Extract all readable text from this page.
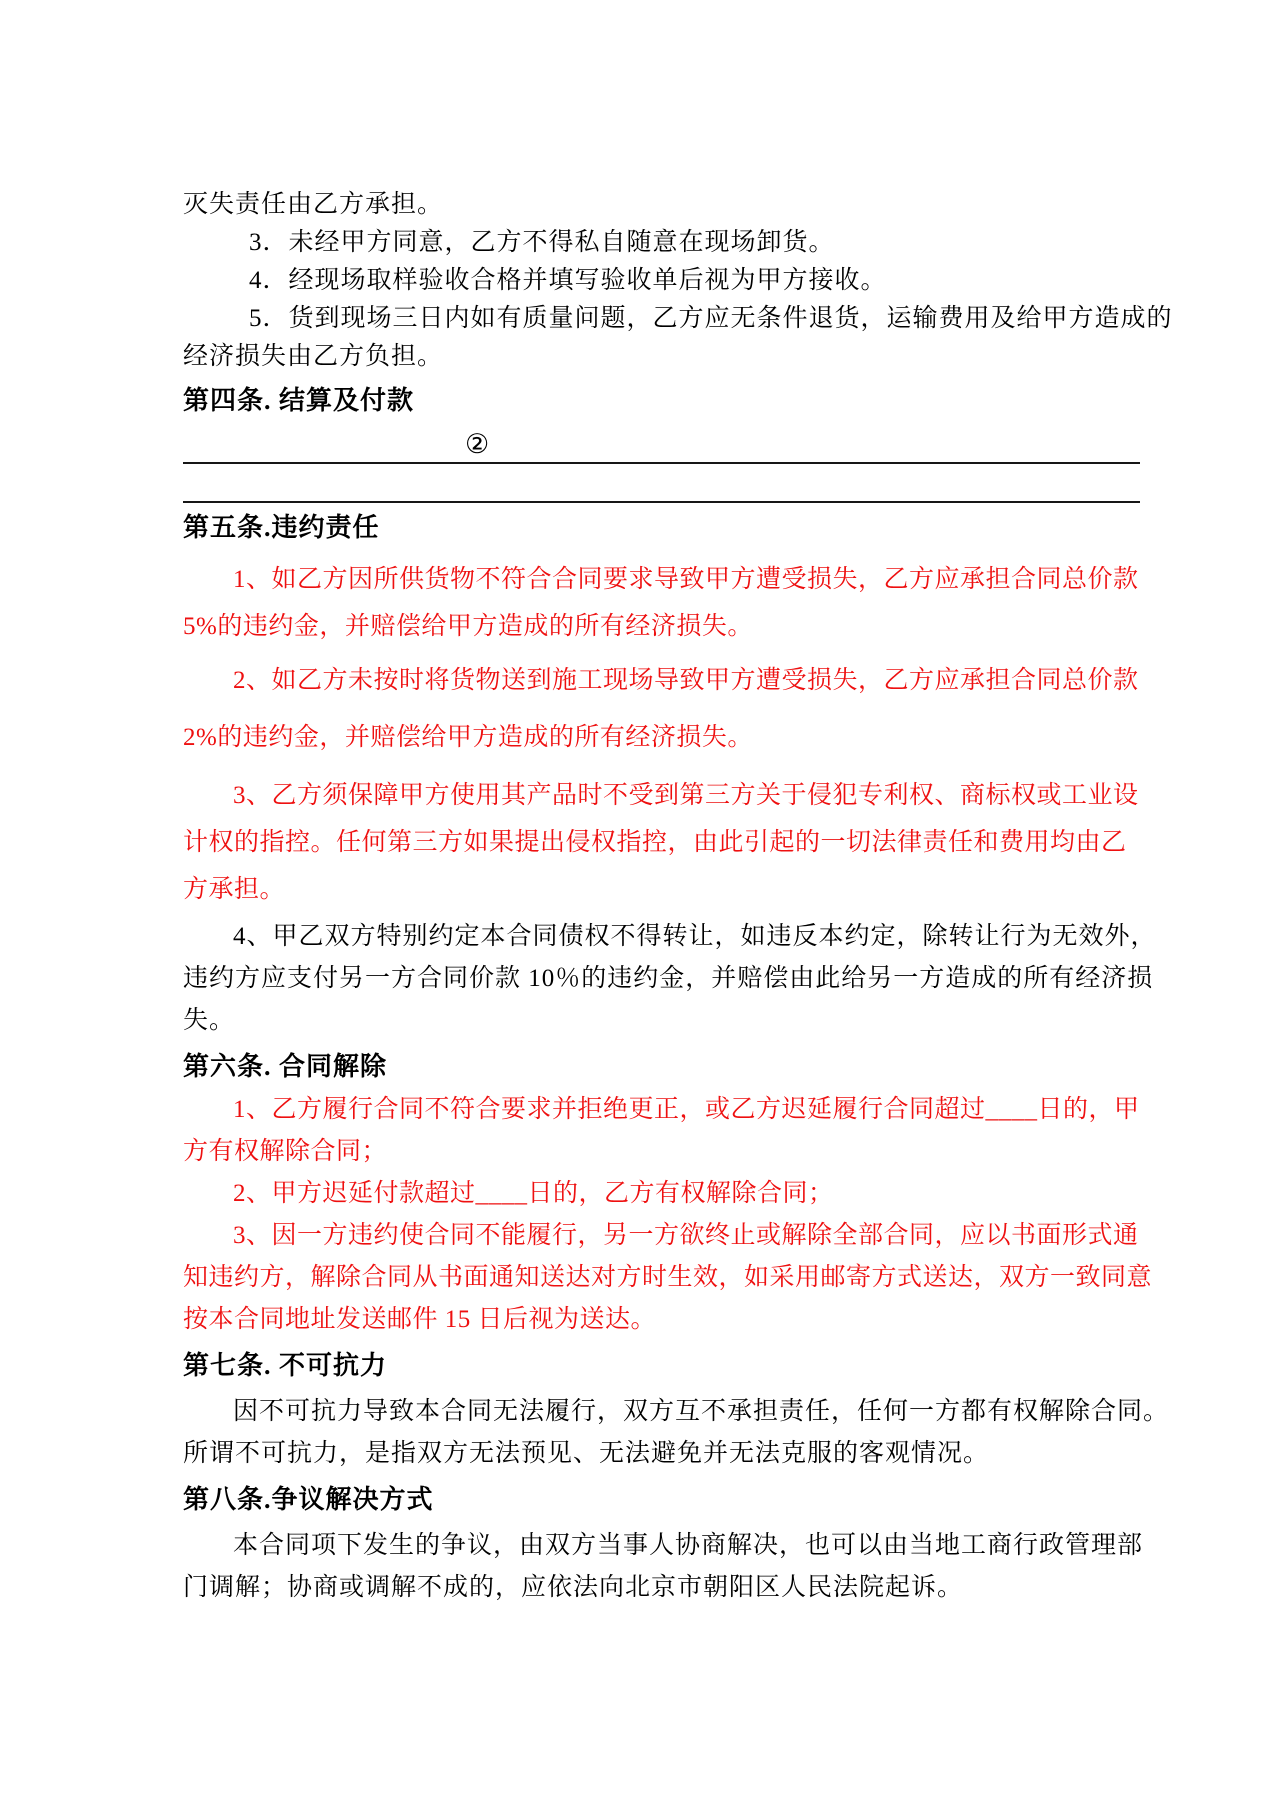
灭失责任由乙方承担。
3．未经甲方同意，乙方不得私自随意在现场卸货。
4．经现场取样验收合格并填写验收单后视为甲方接收。
5．货到现场三日内如有质量问题，乙方应无条件退货，运输费用及给甲方造成的
经济损失由乙方负担。
第四条. 结算及付款
②
第五条.违约责任
1、如乙方因所供货物不符合合同要求导致甲方遭受损失，乙方应承担合同总价款
5%的违约金，并赔偿给甲方造成的所有经济损失。
2、如乙方未按时将货物送到施工现场导致甲方遭受损失，乙方应承担合同总价款
2%的违约金，并赔偿给甲方造成的所有经济损失。
3、乙方须保障甲方使用其产品时不受到第三方关于侵犯专利权、商标权或工业设
计权的指控。任何第三方如果提出侵权指控，由此引起的一切法律责任和费用均由乙
方承担。
4、甲乙双方特别约定本合同债权不得转让，如违反本约定，除转让行为无效外，
违约方应支付另一方合同价款 10％的违约金，并赔偿由此给另一方造成的所有经济损
失。
第六条. 合同解除
1、乙方履行合同不符合要求并拒绝更正，或乙方迟延履行合同超过____日的，甲
方有权解除合同；
2、甲方迟延付款超过____日的，乙方有权解除合同；
3、因一方违约使合同不能履行，另一方欲终止或解除全部合同，应以书面形式通
知违约方，解除合同从书面通知送达对方时生效，如采用邮寄方式送达，双方一致同意
按本合同地址发送邮件 15 日后视为送达。
第七条. 不可抗力
因不可抗力导致本合同无法履行，双方互不承担责任，任何一方都有权解除合同。
所谓不可抗力，是指双方无法预见、无法避免并无法克服的客观情况。
第八条.争议解决方式
本合同项下发生的争议，由双方当事人协商解决，也可以由当地工商行政管理部
门调解；协商或调解不成的，应依法向北京市朝阳区人民法院起诉。
